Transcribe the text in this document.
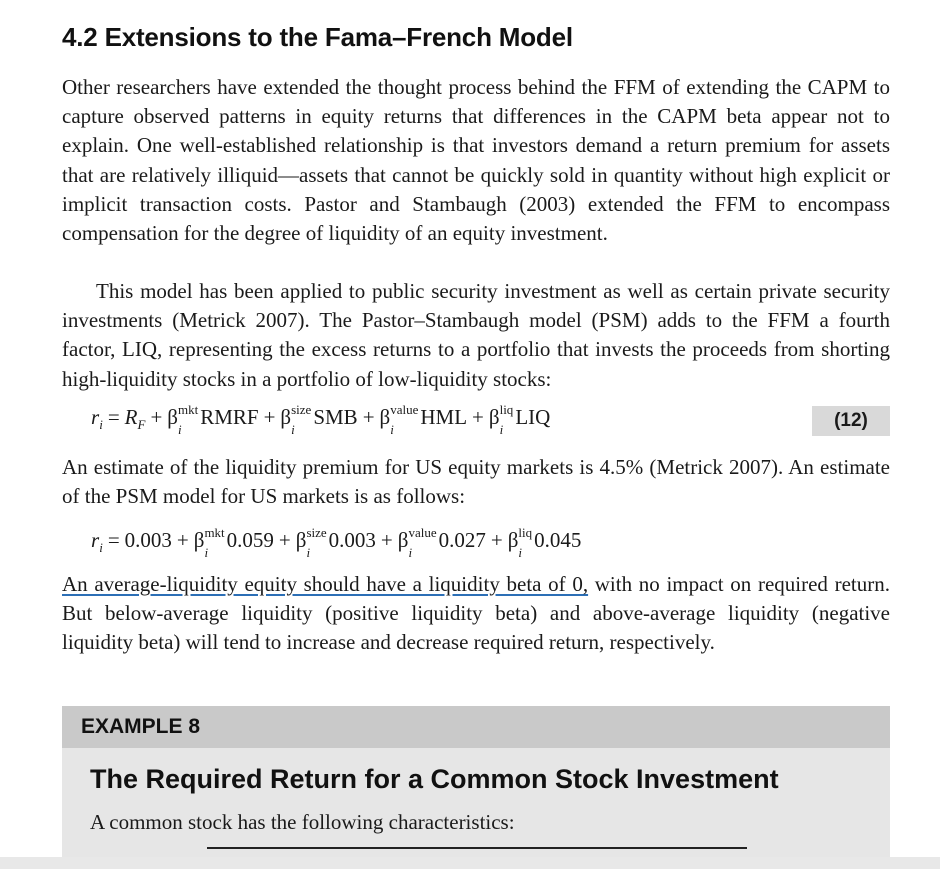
4.2 Extensions to the Fama–French Model

Other researchers have extended the thought process behind the FFM of extending the CAPM to capture observed patterns in equity returns that differences in the CAPM beta appear not to explain. One well-established relationship is that investors demand a return premium for assets that are relatively illiquid—assets that cannot be quickly sold in quantity without high explicit or implicit transaction costs. Pastor and Stambaugh (2003) extended the FFM to encompass compensation for the degree of liquidity of an equity investment.

This model has been applied to public security investment as well as certain private security investments (Metrick 2007). The Pastor–Stambaugh model (PSM) adds to the FFM a fourth factor, LIQ, representing the excess returns to a portfolio that invests the proceeds from shorting high-liquidity stocks in a portfolio of low-liquidity stocks:

$r_i = R_F + \beta$ mkt
i
RMRF + β size
i
SMB + β value
i
HML + β liq
i
LIQ	(12)

An estimate of the liquidity premium for US equity markets is 4.5% (Metrick 2007). An estimate of the PSM model for US markets is as follows:

$r_i = 0.003 + \beta$ mkt
i
0.059 + β size
i
0.003 + β value
i
0.027 + β liq
i
0.045

An average-liquidity equity should have a liquidity beta of 0, with no impact on required return. But below-average liquidity (positive liquidity beta) and above-average liquidity (negative liquidity beta) will tend to increase and decrease required return, respectively.

EXAMPLE 8
The Required Return for a Common Stock Investment

A common stock has the following characteristics:
